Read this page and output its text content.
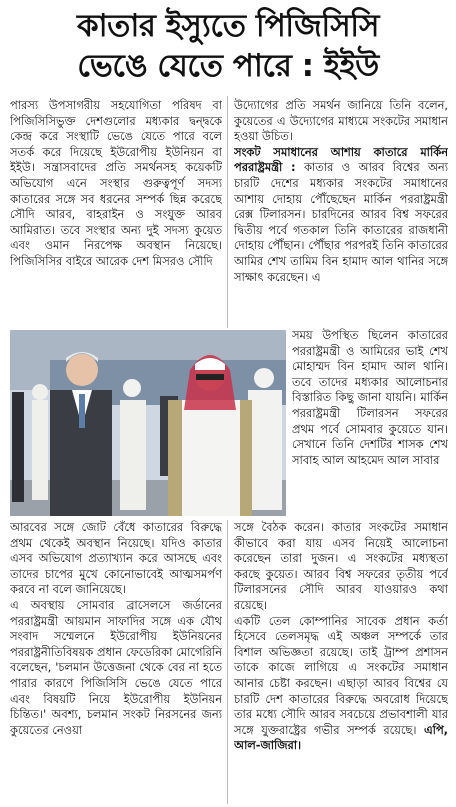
কাতার ইস্যুতে পিজিসিসি
ভেঙে যেতে পারে : ইইউ

পারস্য উপসাগরীয় সহযোগিতা পরিষদ বা পিজিসিসিভুক্ত দেশগুলোর মধ্যকার দ্বন্দ্বকে কেন্দ্র করে সংস্থাটি ভেঙে যেতে পারে বলে সতর্ক করে দিয়েছে ইউরোপীয় ইউনিয়ন বা ইইউ। সন্ত্রাসবাদের প্রতি সমর্থনসহ কয়েকটি অভিযোগ এনে সংস্থার গুরুত্বপূর্ণ সদস্য কাতারের সঙ্গে সব ধরনের সম্পর্ক ছিন্ন করেছে সৌদি আরব, বাহরাইন ও সংযুক্ত আরব আমিরাত। তবে সংস্থার অন্য দুই সদস্য কুয়েত এবং ওমান নিরপেক্ষ অবস্থান নিয়েছে। পিজিসিসির বাইরে আরেক দেশ মিসরও সৌদি

উদ্যোগের প্রতি সমর্থন জানিয়ে তিনি বলেন, কুয়েতের এ উদ্যোগের মাধ্যমে সংকটের সমাধান হওয়া উচিত।

সংকট সমাধানের আশায় কাতারে মার্কিন পররাষ্ট্রমন্ত্রী : কাতার ও আরব বিশ্বের অন্য চারটি দেশের মধ্যকার সংকটের সমাধানের আশায় দোহায় পৌঁছেছেন মার্কিন পররাষ্ট্রমন্ত্রী রেক্স টিলারসন। চারদিনের আরব বিশ্ব সফরের দ্বিতীয় পর্বে গতকাল তিনি কাতারের রাজধানী দোহায় পৌঁছান। পৌঁছার পরপরই তিনি কাতারের আমির শেখ তামিম বিন হামাদ আল থানির সঙ্গে সাক্ষাৎ করেছেন। এ

সময় উপস্থিত ছিলেন কাতারের পররাষ্ট্রমন্ত্রী ও আমিরের ভাই শেখ মোহাম্মদ বিন হামাদ আল থানি। তবে তাদের মধ্যকার আলোচনার বিস্তারিত কিছু জানা যায়নি। মার্কিন পররাষ্ট্রমন্ত্রী টিলারসন সফরের প্রথম পর্বে সোমবার কুয়েতে যান। সেখানে তিনি দেশটির শাসক শেখ সাবাহ আল আহমেদ আল সাবার

আরবের সঙ্গে জোট বেঁধে কাতারের বিরুদ্ধে প্রথম থেকেই অবস্থান নিয়েছে। যদিও কাতার এসব অভিযোগ প্রত্যাখ্যান করে আসছে এবং তাদের চাপের মুখে কোনোভাবেই আত্মসমর্পণ করবে না বলে জানিয়েছে।

এ অবস্থায় সোমবার ব্রাসেলসে জর্ডানের পররাষ্ট্রমন্ত্রী আয়মান সাফাদির সঙ্গে এক যৌথ সংবাদ সম্মেলনে ইউরোপীয় ইউনিয়নের পররাষ্ট্রনীতিবিষয়ক প্রধান ফেডেরিকা মোগেরিনি বলেছেন, 'চলমান উত্তেজনা থেকে বের না হতে পারার কারণে পিজিসিসি ভেঙে যেতে পারে এবং বিষয়টি নিয়ে ইউরোপীয় ইউনিয়ন চিন্তিত।' অবশ্য, চলমান সংকট নিরসনের জন্য কুয়েতের নেওয়া

সঙ্গে বৈঠক করেন। কাতার সংকটের সমাধান কীভাবে করা যায় এসব নিয়েই আলোচনা করেছেন তারা দুজন। এ সংকটের মধ্যস্থতা করছে কুয়েত। আরব বিশ্ব সফরের তৃতীয় পর্বে টিলারসনের সৌদি আরব যাওয়ারও কথা রয়েছে।

একটি তেল কোম্পানির সাবেক প্রধান কর্তা হিসেবে তেলসমৃদ্ধ এই অঞ্চল সম্পর্কে তার বিশাল অভিজ্ঞতা রয়েছে। তাই ট্রাম্প প্রশাসন তাকে কাজে লাগিয়ে এ সংকটের সমাধান আনার চেষ্টা করছেন। এছাড়া আরব বিশ্বের যে চারটি দেশ কাতারের বিরুদ্ধে অবরোধ দিয়েছে তার মধ্যে সৌদি আরব সবচেয়ে প্রভাবশালী যার সঙ্গে যুক্তরাষ্ট্রের গভীর সম্পর্ক রয়েছে। এপি, আল-জাজিরা।
